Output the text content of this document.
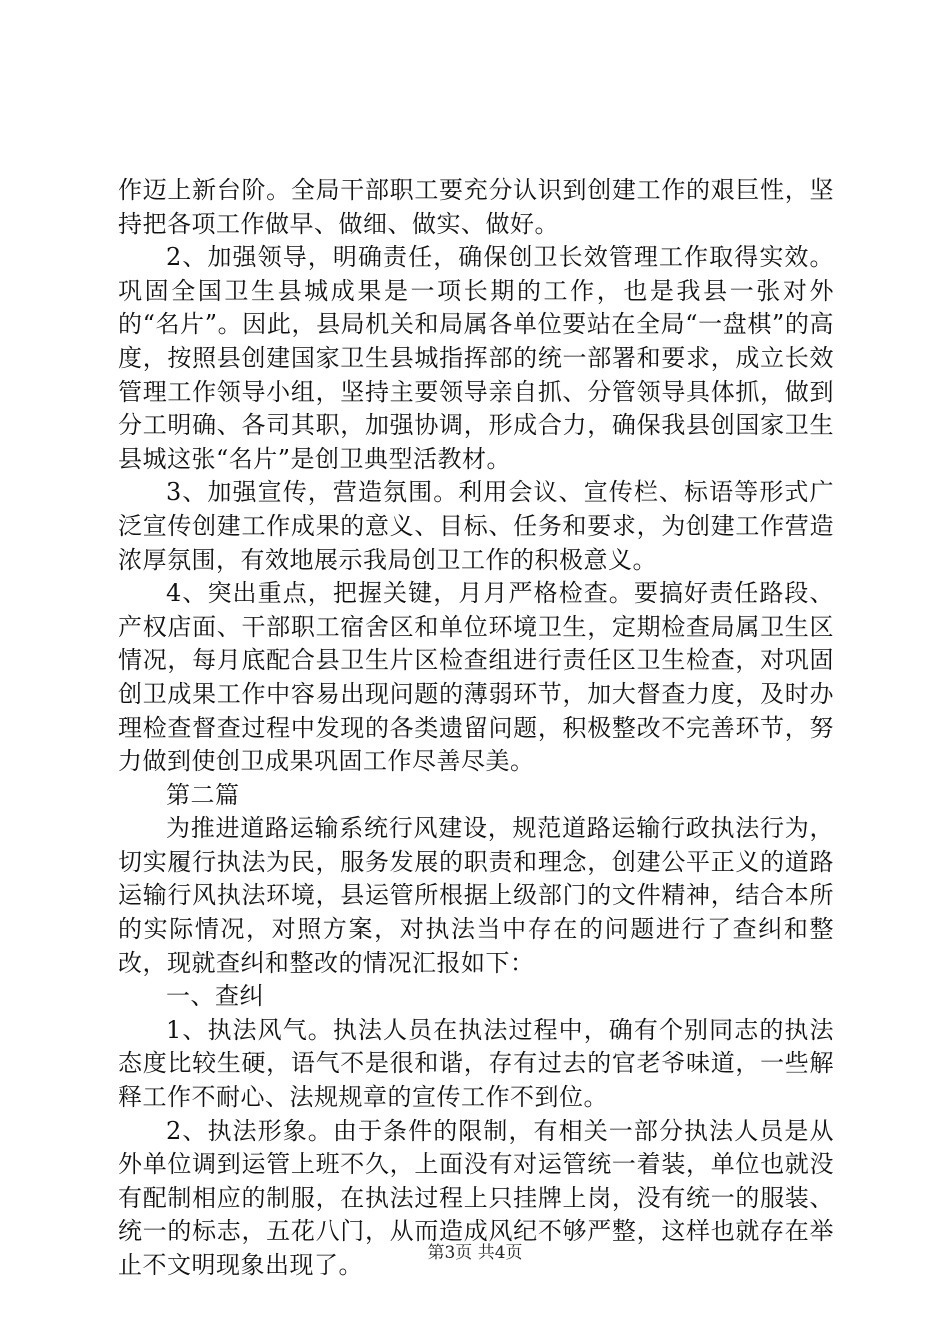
作迈上新台阶。全局干部职工要充分认识到创建工作的艰巨性，坚持把各项工作做早、做细、做实、做好。

2、加强领导，明确责任，确保创卫长效管理工作取得实效。巩固全国卫生县城成果是一项长期的工作，也是我县一张对外的“名片”。因此，县局机关和局属各单位要站在全局“一盘棋”的高度，按照县创建国家卫生县城指挥部的统一部署和要求，成立长效管理工作领导小组，坚持主要领导亲自抓、分管领导具体抓，做到分工明确、各司其职，加强协调，形成合力，确保我县创国家卫生县城这张“名片”是创卫典型活教材。

3、加强宣传，营造氛围。利用会议、宣传栏、标语等形式广泛宣传创建工作成果的意义、目标、任务和要求，为创建工作营造浓厚氛围，有效地展示我局创卫工作的积极意义。

4、突出重点，把握关键，月月严格检查。要搞好责任路段、产权店面、干部职工宿舍区和单位环境卫生，定期检查局属卫生区情况，每月底配合县卫生片区检查组进行责任区卫生检查，对巩固创卫成果工作中容易出现问题的薄弱环节，加大督查力度，及时办理检查督查过程中发现的各类遗留问题，积极整改不完善环节，努力做到使创卫成果巩固工作尽善尽美。

第二篇

为推进道路运输系统行风建设，规范道路运输行政执法行为，切实履行执法为民，服务发展的职责和理念，创建公平正义的道路运输行风执法环境，县运管所根据上级部门的文件精神，结合本所的实际情况，对照方案，对执法当中存在的问题进行了查纠和整改，现就查纠和整改的情况汇报如下：

一、查纠

1、执法风气。执法人员在执法过程中，确有个别同志的执法态度比较生硬，语气不是很和谐，存有过去的官老爷味道，一些解释工作不耐心、法规规章的宣传工作不到位。

2、执法形象。由于条件的限制，有相关一部分执法人员是从外单位调到运管上班不久，上面没有对运管统一着装，单位也就没有配制相应的制服，在执法过程上只挂牌上岗，没有统一的服装、统一的标志，五花八门，从而造成风纪不够严整，这样也就存在举止不文明现象出现了。	第3页 共4页
